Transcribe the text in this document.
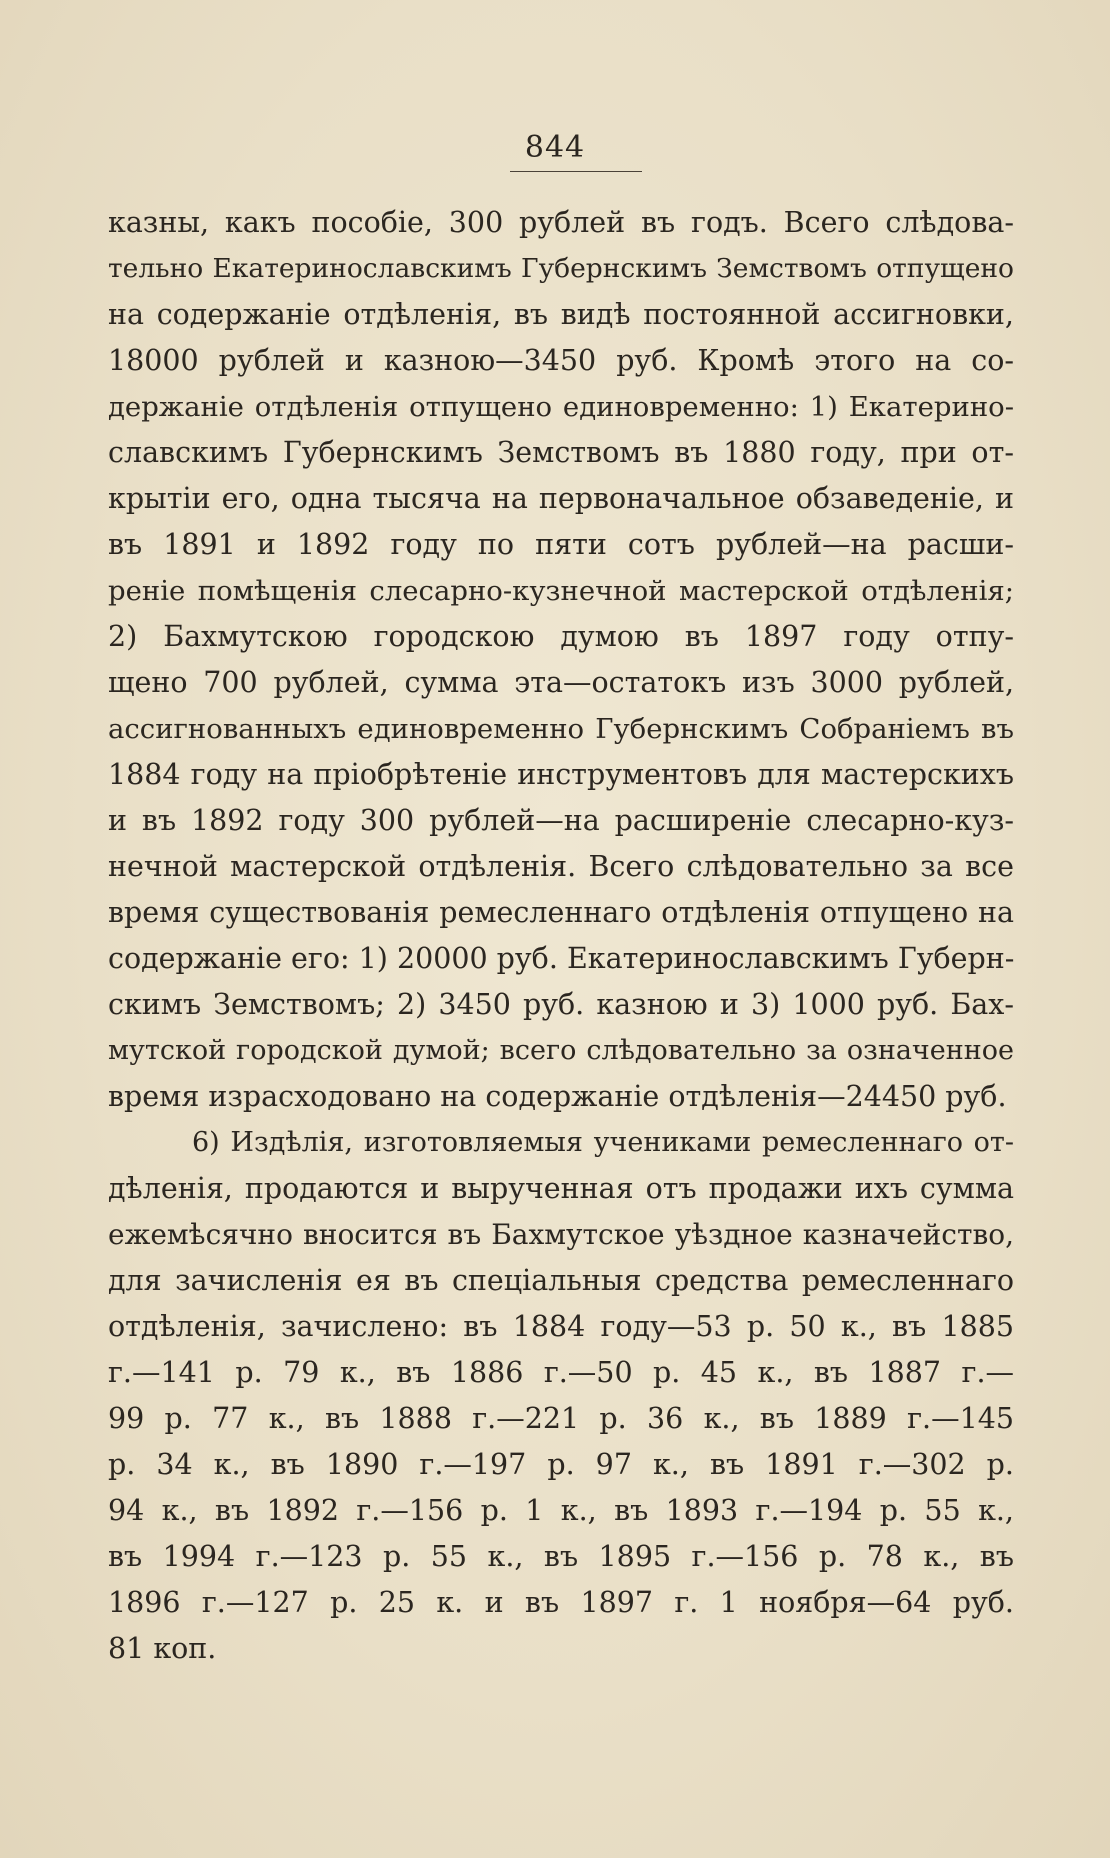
844
казны, какъ пособіе, 300 рублей въ годъ. Всего слѣдова-
тельно Екатеринославскимъ Губернскимъ Земствомъ отпущено
на содержаніе отдѣленія, въ видѣ постоянной ассигновки,
18000 рублей и казною—3450 руб. Кромѣ этого на со-
держаніе отдѣленія отпущено единовременно: 1) Екатерино-
славскимъ Губернскимъ Земствомъ въ 1880 году, при от-
крытіи его, одна тысяча на первоначальное обзаведеніе, и
въ 1891 и 1892 году по пяти сотъ рублей—на расши-
реніе помѣщенія слесарно-кузнечной мастерской отдѣленія;
2) Бахмутскою городскою думою въ 1897 году отпу-
щено 700 рублей, сумма эта—остатокъ изъ 3000 рублей,
ассигнованныхъ единовременно Губернскимъ Собраніемъ въ
1884 году на пріобрѣтеніе инструментовъ для мастерскихъ
и въ 1892 году 300 рублей—на расширеніе слесарно-куз-
нечной мастерской отдѣленія. Всего слѣдовательно за все
время существованія ремесленнаго отдѣленія отпущено на
содержаніе его: 1) 20000 руб. Екатеринославскимъ Губерн-
скимъ Земствомъ; 2) 3450 руб. казною и 3) 1000 руб. Бах-
мутской городской думой; всего слѣдовательно за означенное
время израсходовано на содержаніе отдѣленія—24450 руб.
6) Издѣлія, изготовляемыя учениками ремесленнаго от-
дѣленія, продаются и вырученная отъ продажи ихъ сумма
ежемѣсячно вносится въ Бахмутское уѣздное казначейство,
для зачисленія ея въ спеціальныя средства ремесленнаго
отдѣленія, зачислено: въ 1884 году—53 р. 50 к., въ 1885
г.—141 р. 79 к., въ 1886 г.—50 р. 45 к., въ 1887 г.—
99 р. 77 к., въ 1888 г.—221 р. 36 к., въ 1889 г.—145
р. 34 к., въ 1890 г.—197 р. 97 к., въ 1891 г.—302 р.
94 к., въ 1892 г.—156 р. 1 к., въ 1893 г.—194 р. 55 к.,
въ 1994 г.—123 р. 55 к., въ 1895 г.—156 р. 78 к., въ
1896 г.—127 р. 25 к. и въ 1897 г. 1 ноября—64 руб.
81 коп.
